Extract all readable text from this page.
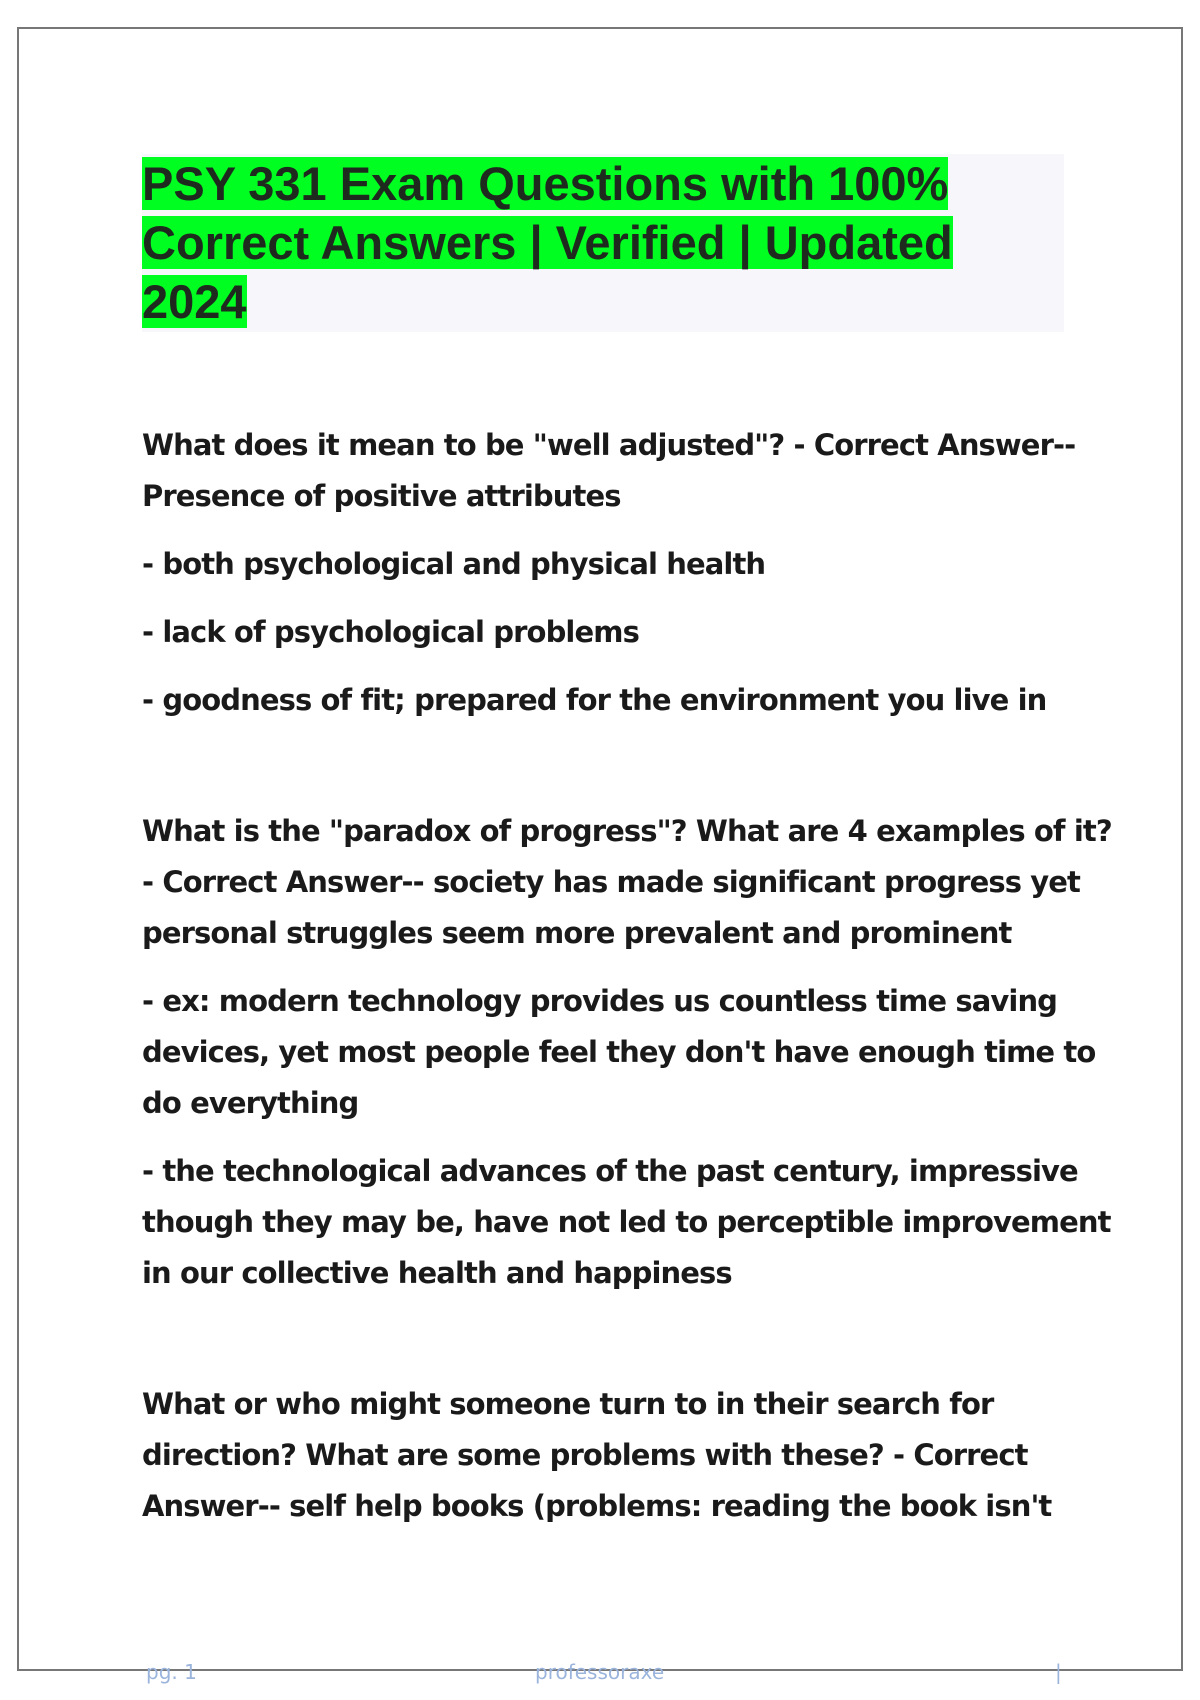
PSY 331 Exam Questions with 100%
Correct Answers | Verified | Updated
2024

What does it mean to be "well adjusted"? - Correct Answer--
Presence of positive attributes

- both psychological and physical health

- lack of psychological problems

- goodness of fit; prepared for the environment you live in

What is the "paradox of progress"? What are 4 examples of it?
- Correct Answer-- society has made significant progress yet
personal struggles seem more prevalent and prominent

- ex: modern technology provides us countless time saving
devices, yet most people feel they don't have enough time to
do everything

- the technological advances of the past century, impressive
though they may be, have not led to perceptible improvement
in our collective health and happiness

What or who might someone turn to in their search for
direction? What are some problems with these? - Correct
Answer-- self help books (problems: reading the book isn't

pg. 1	professoraxe	|
